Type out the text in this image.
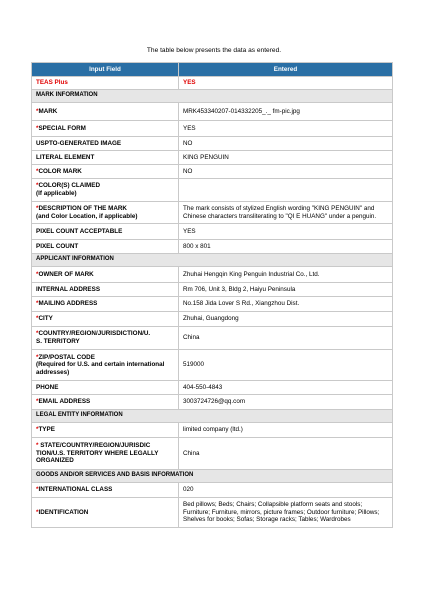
The table below presents the data as entered.
Input Field	Entered
TEAS Plus	YES
MARK INFORMATION	
*MARK	MRK453340207-014332205_._ fm-pic.jpg
*SPECIAL FORM	YES
USPTO-GENERATED IMAGE	NO
LITERAL ELEMENT	KING PENGUIN
*COLOR MARK	NO
*COLOR(S) CLAIMED
(If applicable)	
*DESCRIPTION OF THE MARK
(and Color Location, if applicable)	The mark consists of stylized English wording "KING PENGUIN" and Chinese characters transliterating to "QI E HUANG" under a penguin.
PIXEL COUNT ACCEPTABLE	YES
PIXEL COUNT	800 x 801
APPLICANT INFORMATION	
*OWNER OF MARK	Zhuhai Hengqin King Penguin Industrial Co., Ltd.
INTERNAL ADDRESS	Rm 706, Unit 3, Bldg 2, Haiyu Peninsula
*MAILING ADDRESS	No.158 Jida Lover S Rd., Xiangzhou Dist.
*CITY	Zhuhai, Guangdong
*COUNTRY/REGION/JURISDICTION/U.
S. TERRITORY	China
*ZIP/POSTAL CODE
(Required for U.S. and certain international addresses)	519000
PHONE	404-550-4843
*EMAIL ADDRESS	3003724726@qq.com
LEGAL ENTITY INFORMATION	
*TYPE	limited company (ltd.)
* STATE/COUNTRY/REGION/JURISDIC
TION/U.S. TERRITORY WHERE LEGALLY ORGANIZED	China
GOODS AND/OR SERVICES AND BASIS INFORMATION	
*INTERNATIONAL CLASS	020
*IDENTIFICATION	Bed pillows; Beds; Chairs; Collapsible platform seats and stools; Furniture; Furniture, mirrors, picture frames; Outdoor furniture; Pillows; Shelves for books; Sofas; Storage racks; Tables; Wardrobes
